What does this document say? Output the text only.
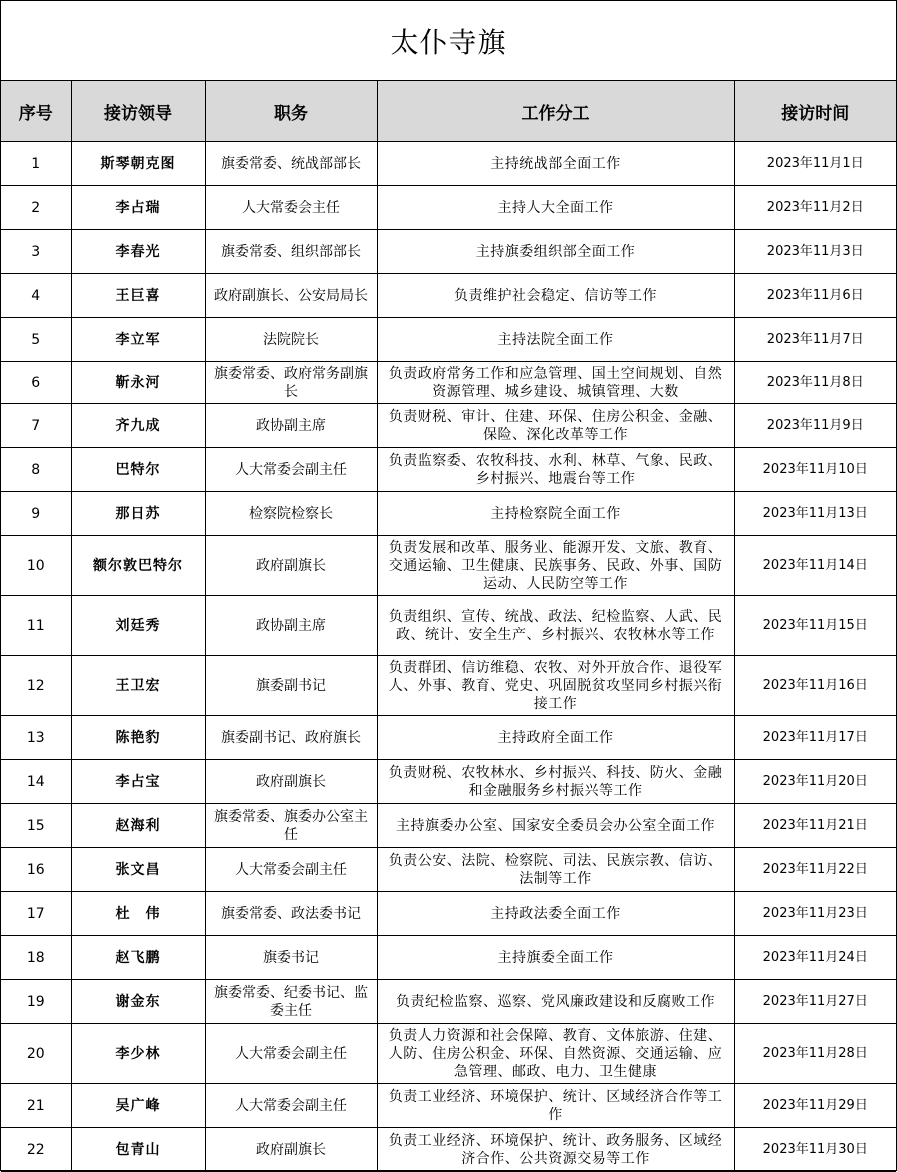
太仆寺旗
序号	接访领导	职务	工作分工	接访时间
1	斯琴朝克图	旗委常委、统战部部长	主持统战部全面工作	2023年11月1日
2	李占瑞	人大常委会主任	主持人大全面工作	2023年11月2日
3	李春光	旗委常委、组织部部长	主持旗委组织部全面工作	2023年11月3日
4	王巨喜	政府副旗长、公安局局长	负责维护社会稳定、信访等工作	2023年11月6日
5	李立军	法院院长	主持法院全面工作	2023年11月7日
6	靳永河	旗委常委、政府常务副旗长	负责政府常务工作和应急管理、国土空间规划、自然资源管理、城乡建设、城镇管理、大数	2023年11月8日
7	齐九成	政协副主席	负责财税、审计、住建、环保、住房公积金、金融、保险、深化改革等工作	2023年11月9日
8	巴特尔	人大常委会副主任	负责监察委、农牧科技、水利、林草、气象、民政、乡村振兴、地震台等工作	2023年11月10日
9	那日苏	检察院检察长	主持检察院全面工作	2023年11月13日
10	额尔敦巴特尔	政府副旗长	负责发展和改革、服务业、能源开发、文旅、教育、交通运输、卫生健康、民族事务、民政、外事、国防运动、人民防空等工作	2023年11月14日
11	刘廷秀	政协副主席	负责组织、宣传、统战、政法、纪检监察、人武、民政、统计、安全生产、乡村振兴、农牧林水等工作	2023年11月15日
12	王卫宏	旗委副书记	负责群团、信访维稳、农牧、对外开放合作、退役军人、外事、教育、党史、巩固脱贫攻坚同乡村振兴衔接工作	2023年11月16日
13	陈艳豹	旗委副书记、政府旗长	主持政府全面工作	2023年11月17日
14	李占宝	政府副旗长	负责财税、农牧林水、乡村振兴、科技、防火、金融和金融服务乡村振兴等工作	2023年11月20日
15	赵海利	旗委常委、旗委办公室主任	主持旗委办公室、国家安全委员会办公室全面工作	2023年11月21日
16	张文昌	人大常委会副主任	负责公安、法院、检察院、司法、民族宗教、信访、法制等工作	2023年11月22日
17	杜　伟	旗委常委、政法委书记	主持政法委全面工作	2023年11月23日
18	赵飞鹏	旗委书记	主持旗委全面工作	2023年11月24日
19	谢金东	旗委常委、纪委书记、监委主任	负责纪检监察、巡察、党风廉政建设和反腐败工作	2023年11月27日
20	李少林	人大常委会副主任	负责人力资源和社会保障、教育、文体旅游、住建、人防、住房公积金、环保、自然资源、交通运输、应急管理、邮政、电力、卫生健康	2023年11月28日
21	吴广峰	人大常委会副主任	负责工业经济、环境保护、统计、区域经济合作等工作	2023年11月29日
22	包青山	政府副旗长	负责工业经济、环境保护、统计、政务服务、区域经济合作、公共资源交易等工作	2023年11月30日
